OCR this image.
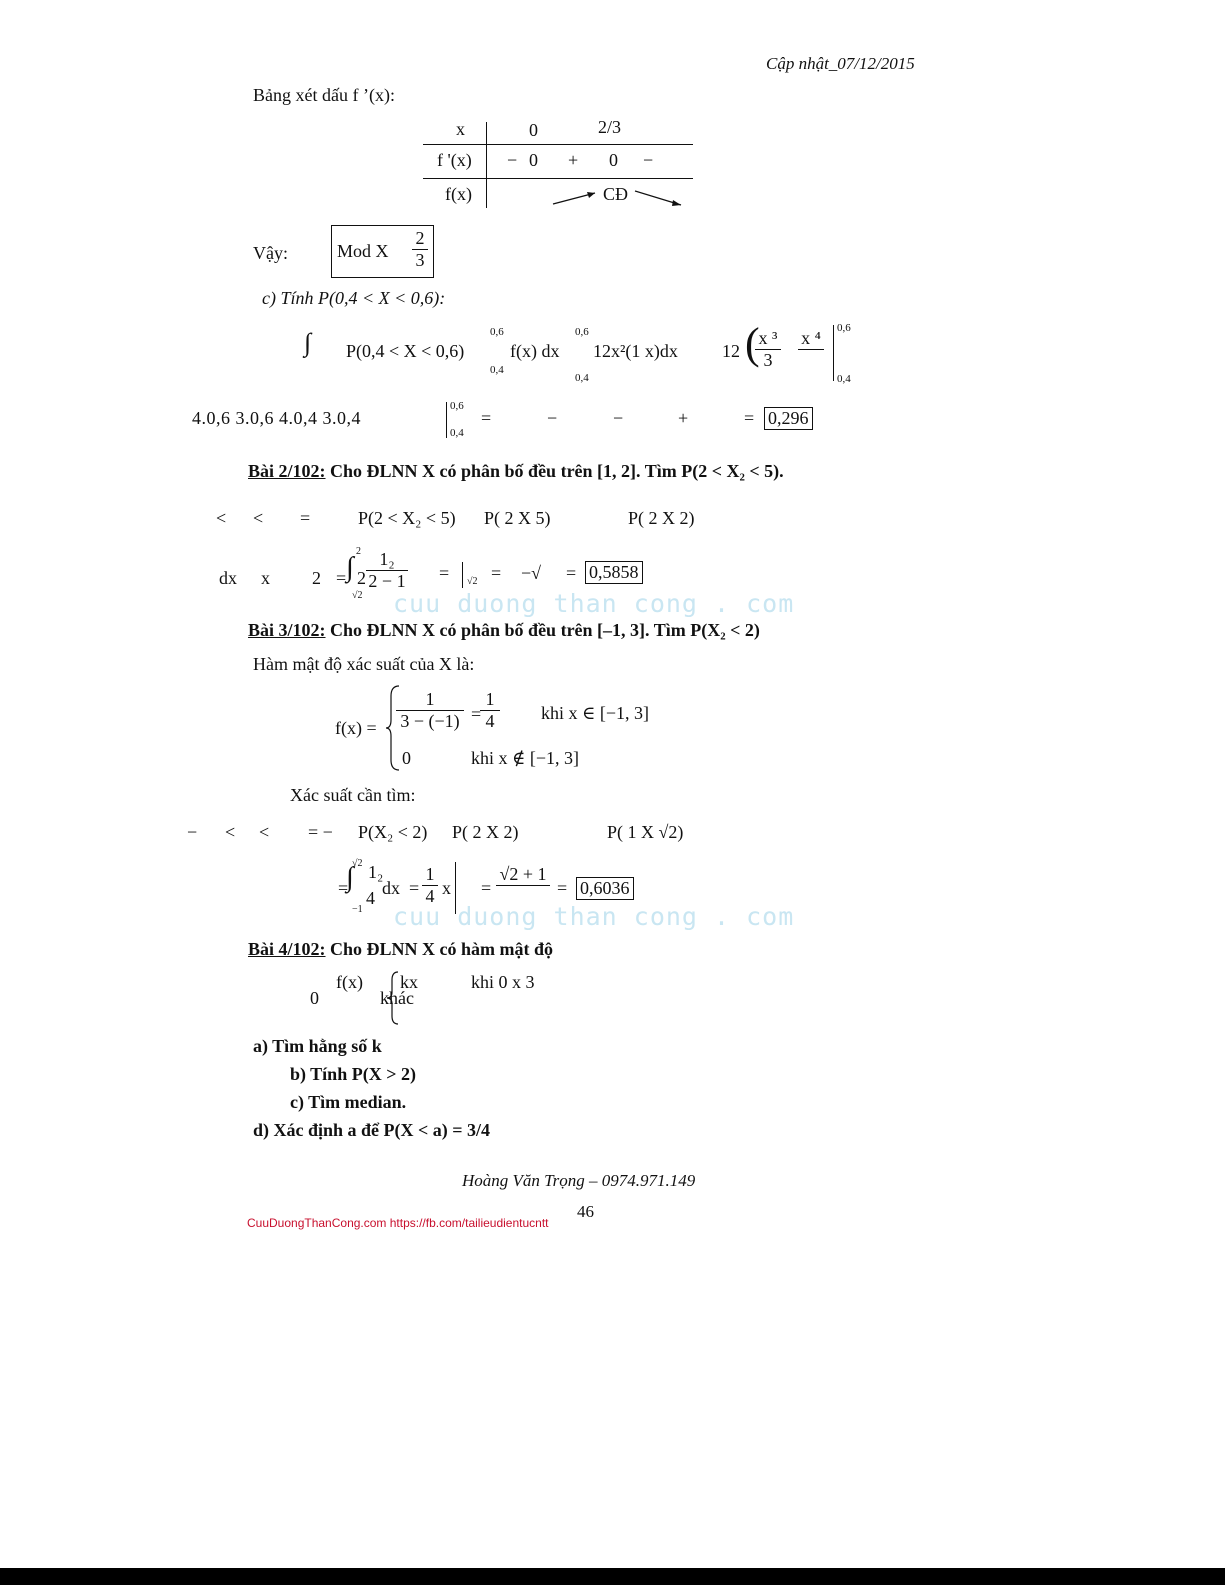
Cập nhật_07/12/2015
Bảng xét dấu f ’(x):
x	0	2/3
f '(x) − 0 + 0 −
f(x)	CĐ
Vậy:	Mod X $\frac{2}{3}$
c) Tính P(0,4 < X < 0,6):
∫ P(0,4 < X < 0,6)
0,6
0,4
f(x) dx
0,6
0,4
12x²(1 x)dx 12 (
$\frac{\text{x ³}}{3}$ x ⁴
0,6
0,4
4.0,6 3.0,6 4.0,4 3.0,4
0,6
0,4
=	−	−	+	= 0,296
Bài 2/102: Cho ĐLNN X có phân bố đều trên [1, 2]. Tìm P(2 < X₂ < 5).
< < =	P(2 < X₂ < 5) P( 2 X 5)	P( 2 X 2)
dx x 2 = ∫
2
√2
$2 \frac{\text{1₂}}{2 - 1} = √2$ = −√ = 0,5858
cuu duong than cong . com
Bài 3/102: Cho ĐLNN X có phân bố đều trên [–1, 3]. Tìm P(X₂ < 2)
Hàm mật độ xác suất của X là:
$f(x) = \frac{1}{3 - (-1)}$ =
$\frac{1}{4}$ khi x ∈ [−1, 3]
0	khi x ∉ [−1, 3]
Xác suất cần tìm:
− < < = − P(X₂ < 2) P( 2 X 2)	P( 1 X √2)
=
∫
√2
−1
1₂
4 dx = $\frac{1}{4}$ x =
√2 + 1

= 0,6036
cuu duong than cong . com
Bài 4/102: Cho ĐLNN X có hàm mật độ
f(x) kx	khi 0 x 3
0	khác
a) Tìm hằng số k
b) Tính P(X > 2)
c) Tìm median.
d) Xác định a để P(X < a) = 3/4
Hoàng Văn Trọng – 0974.971.149
46
CuuDuongThanCong.com https://fb.com/tailieudientucntt
